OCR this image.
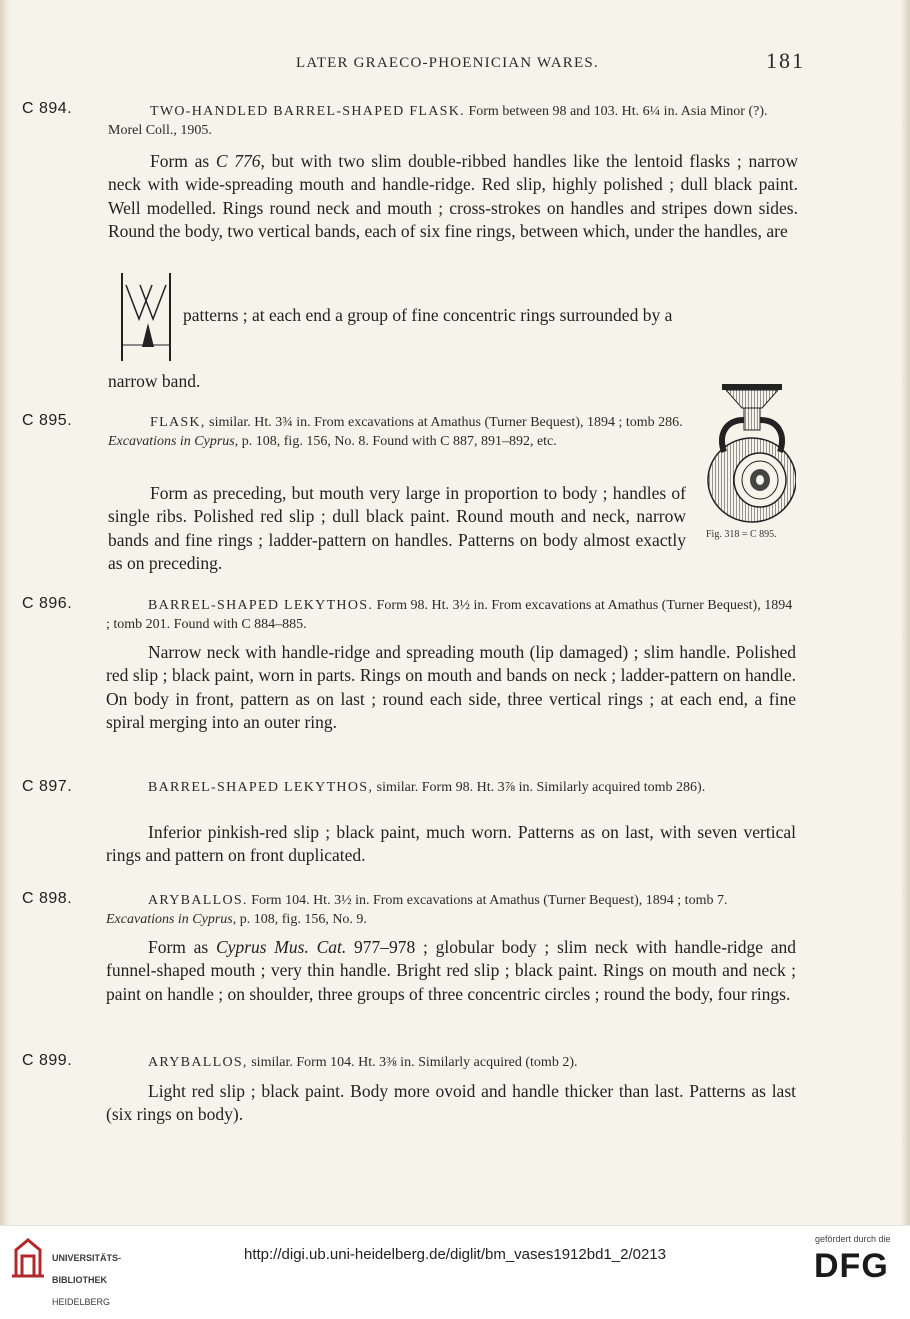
LATER GRAECO-PHOENICIAN WARES.	181
C 894.	TWO-HANDLED BARREL-SHAPED FLASK. Form between 98 and 103. Ht. 6¼ in. Asia Minor (?). Morel Coll., 1905.
Form as C 776, but with two slim double-ribbed handles like the lentoid flasks ; narrow neck with wide-spreading mouth and handle-ridge. Red slip, highly polished ; dull black paint. Well modelled. Rings round neck and mouth ; cross-strokes on handles and stripes down sides. Round the body, two vertical bands, each of six fine rings, between which, under the handles, are
patterns ; at each end a group of fine concentric rings surrounded by a
narrow band.
C 895.	FLASK, similar. Ht. 3¾ in. From excavations at Amathus (Turner Bequest), 1894 ; tomb 286. Excavations in Cyprus, p. 108, fig. 156, No. 8. Found with C 887, 891–892, etc.
Form as preceding, but mouth very large in proportion to body ; handles of single ribs. Polished red slip ; dull black paint. Round mouth and neck, narrow bands and fine rings ; ladder-pattern on handles. Patterns on body almost exactly as on preceding.
Fig. 318 = C 895.
C 896.	BARREL-SHAPED LEKYTHOS. Form 98. Ht. 3½ in. From excavations at Amathus (Turner Bequest), 1894 ; tomb 201. Found with C 884–885.
Narrow neck with handle-ridge and spreading mouth (lip damaged) ; slim handle. Polished red slip ; black paint, worn in parts. Rings on mouth and bands on neck ; ladder-pattern on handle. On body in front, pattern as on last ; round each side, three vertical rings ; at each end, a fine spiral merging into an outer ring.
C 897.	BARREL-SHAPED LEKYTHOS, similar. Form 98. Ht. 3⅞ in. Similarly acquired tomb 286).
Inferior pinkish-red slip ; black paint, much worn. Patterns as on last, with seven vertical rings and pattern on front duplicated.
C 898.	ARYBALLOS. Form 104. Ht. 3½ in. From excavations at Amathus (Turner Bequest), 1894 ; tomb 7. Excavations in Cyprus, p. 108, fig. 156, No. 9.
Form as Cyprus Mus. Cat. 977–978 ; globular body ; slim neck with handle-ridge and funnel-shaped mouth ; very thin handle. Bright red slip ; black paint. Rings on mouth and neck ; paint on handle ; on shoulder, three groups of three concentric circles ; round the body, four rings.
C 899.	ARYBALLOS, similar. Form 104. Ht. 3⅜ in. Similarly acquired (tomb 2).
Light red slip ; black paint. Body more ovoid and handle thicker than last. Patterns as last (six rings on body).

UNIVERSITÄTS-

BIBLIOTHEK

HEIDELBERG

http://digi.ub.uni-heidelberg.de/diglit/bm_vases1912bd1_2/0213
gefördert durch die
DFG
